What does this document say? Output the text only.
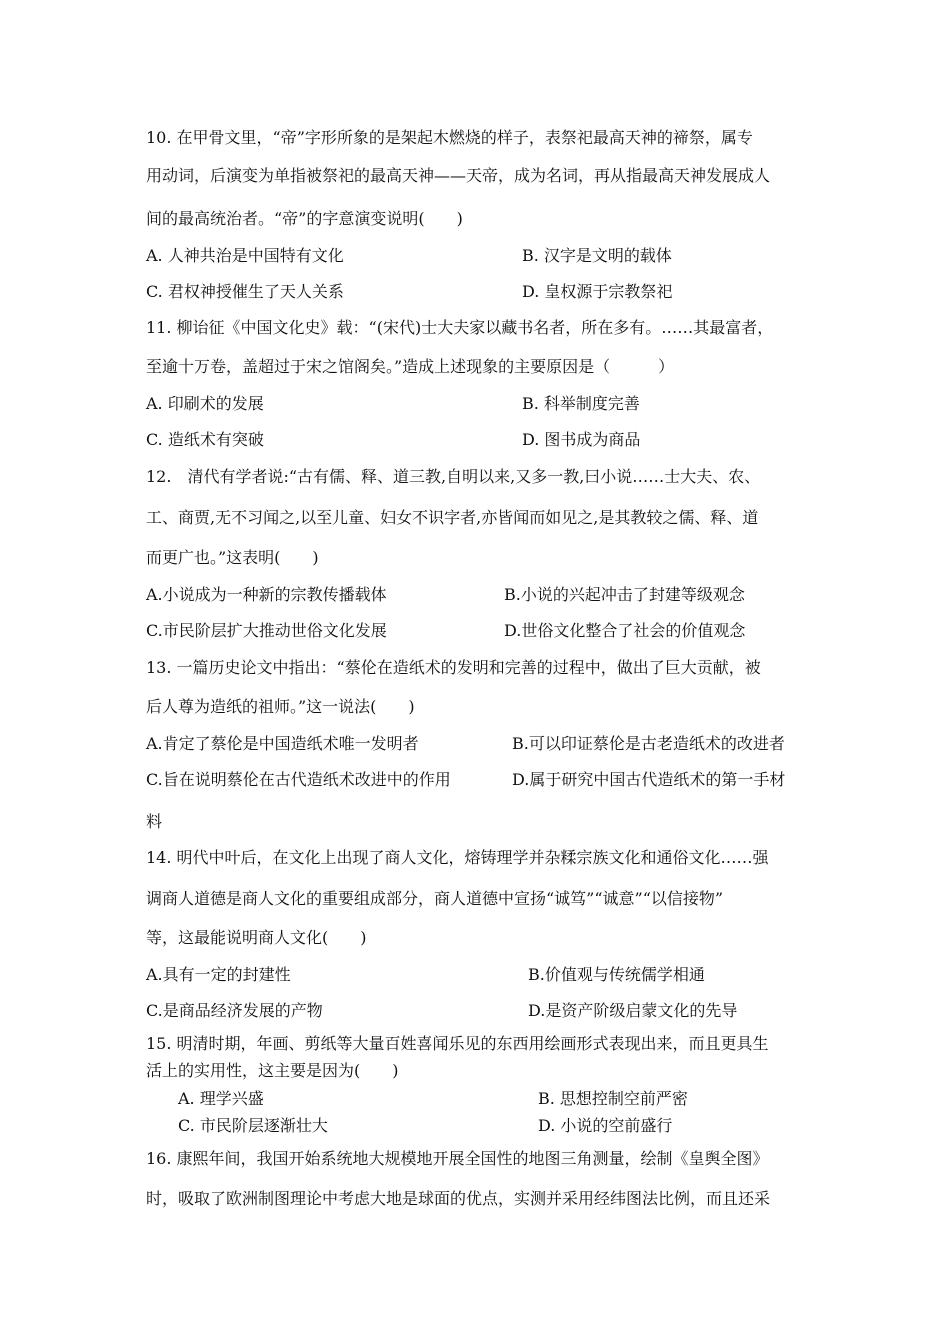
10. 在甲骨文里，“帝”字形所象的是架起木燃烧的样子，表祭祀最高天神的禘祭，属专
用动词，后演变为单指被祭祀的最高天神——天帝，成为名词，再从指最高天神发展成人
间的最高统治者。“帝”的字意演变说明(　　)
A. 人神共治是中国特有文化	B. 汉字是文明的载体
C. 君权神授催生了天人关系	D. 皇权源于宗教祭祀
11. 柳诒征《中国文化史》载：“(宋代)士大夫家以藏书名者，所在多有。……其最富者，
至逾十万卷，盖超过于宋之馆阁矣。”造成上述现象的主要原因是（　　　）
A. 印刷术的发展	B. 科举制度完善
C. 造纸术有突破	D. 图书成为商品
12.　清代有学者说:“古有儒、释、道三教,自明以来,又多一教,曰小说……士大夫、农、
工、商贾,无不习闻之,以至儿童、妇女不识字者,亦皆闻而如见之,是其教较之儒、释、道
而更广也。”这表明(　　)
A.小说成为一种新的宗教传播载体	B.小说的兴起冲击了封建等级观念
C.市民阶层扩大推动世俗文化发展	D.世俗文化整合了社会的价值观念
13. 一篇历史论文中指出：“蔡伦在造纸术的发明和完善的过程中，做出了巨大贡献，被
后人尊为造纸的祖师。”这一说法(　　)
A.肯定了蔡伦是中国造纸术唯一发明者	B.可以印证蔡伦是古老造纸术的改进者
C.旨在说明蔡伦在古代造纸术改进中的作用	D.属于研究中国古代造纸术的第一手材
料
14. 明代中叶后，在文化上出现了商人文化，熔铸理学并杂糅宗族文化和通俗文化……强
调商人道德是商人文化的重要组成部分，商人道德中宣扬“诚笃”“诚意”“以信接物”
等，这最能说明商人文化(　　)
A.具有一定的封建性	B.价值观与传统儒学相通
C.是商品经济发展的产物	D.是资产阶级启蒙文化的先导
15. 明清时期，年画、剪纸等大量百姓喜闻乐见的东西用绘画形式表现出来，而且更具生
活上的实用性，这主要是因为(　　)
A. 理学兴盛	B. 思想控制空前严密
C. 市民阶层逐渐壮大	D. 小说的空前盛行
16. 康熙年间，我国开始系统地大规模地开展全国性的地图三角测量，绘制《皇舆全图》
时，吸取了欧洲制图理论中考虑大地是球面的优点，实测并采用经纬图法比例，而且还采
